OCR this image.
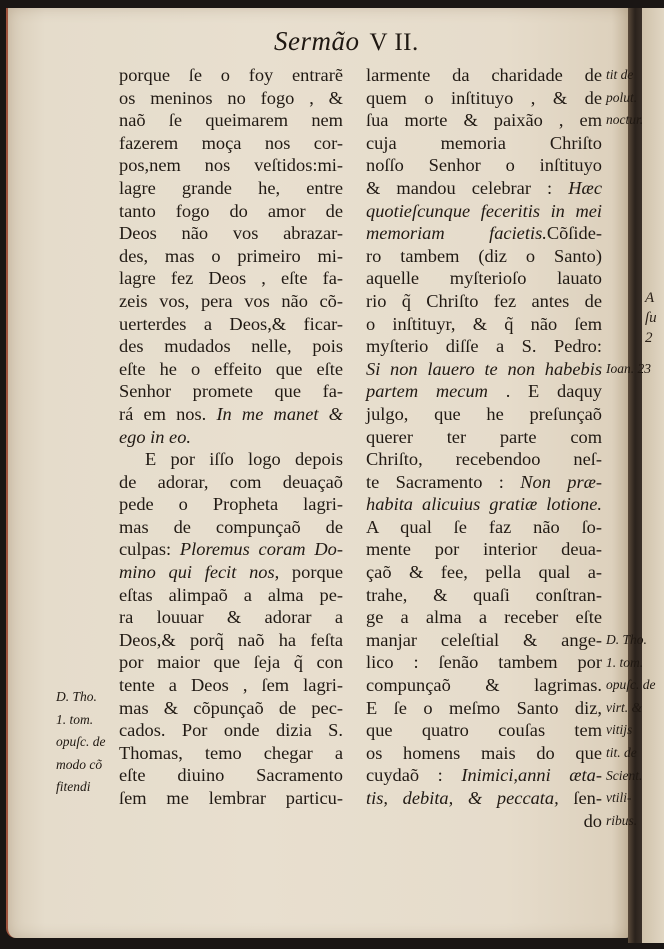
Sermão V II.
A
ſu
2
porque ſe o foy entrarẽ
os meninos no fogo , &
naõ ſe queimarem nem
fazerem moça nos cor-
pos,nem nos veſtidos:mi-
lagre grande he, entre
tanto fogo do amor de
Deos não vos abrazar-
des, mas o primeiro mi-
lagre fez Deos , eſte fa-
zeis vos, pera vos não cõ-
uerterdes a Deos,& ficar-
des mudados nelle, pois
eſte he o effeito que eſte
Senhor promete que fa-
rá em nos. In me manet &
ego in eo.
E por iſſo logo depois
de adorar, com deuaçaõ
pede o Propheta lagri-
mas de compunçaõ de
culpas: Ploremus coram Do-
mino qui fecit nos, porque
eſtas alimpaõ a alma pe-
ra louuar & adorar a
Deos,& porq̃ naõ ha feſta
por maior que ſeja q̃ con
tente a Deos , ſem lagri-
mas & cõpunçaõ de pec-
cados. Por onde dizia S.
Thomas, temo chegar a
eſte diuino Sacramento
ſem me lembrar particu-
larmente da charidade de
quem o inſtituyo , & de
ſua morte & paixão , em
cuja memoria Chriſto
noſſo Senhor o inſtituyo
& mandou celebrar : Hæc
quotieſcunque feceritis in mei
memoriam facietis.Cõſide-
ro tambem (diz o Santo)
aquelle myſterioſo lauato
rio q̃ Chriſto fez antes de
o inſtituyr, & q̃ não ſem
myſterio diſſe a S. Pedro:
Si non lauero te non habebis
partem mecum . E daquy
julgo, que he preſunçaõ
querer ter parte com
Chriſto, recebendoo neſ-
te Sacramento : Non præ-
habita alicuius gratiæ lotione.
A qual ſe faz não ſo-
mente por interior deua-
çaõ & fee, pella qual a-
trahe, & quaſi conſtran-
ge a alma a receber eſte
manjar celeſtial & ange-
lico : ſenão tambem por
compunçaõ & lagrimas.
E ſe o meſmo Santo diz,
que quatro couſas tem
os homens mais do que
cuydaõ : Inimici,anni æta-
tis, debita, & peccata, ſen-
do
D. Tho.
1. tom.
opuſc. de
modo cõ
fitendi
tit de
polut.
noctur.
Ioan. 23
D. Tho.
1. tom.
opuſc. de
virt. &
vitijs
tit. de
Scient.
vtili-
ribus.
